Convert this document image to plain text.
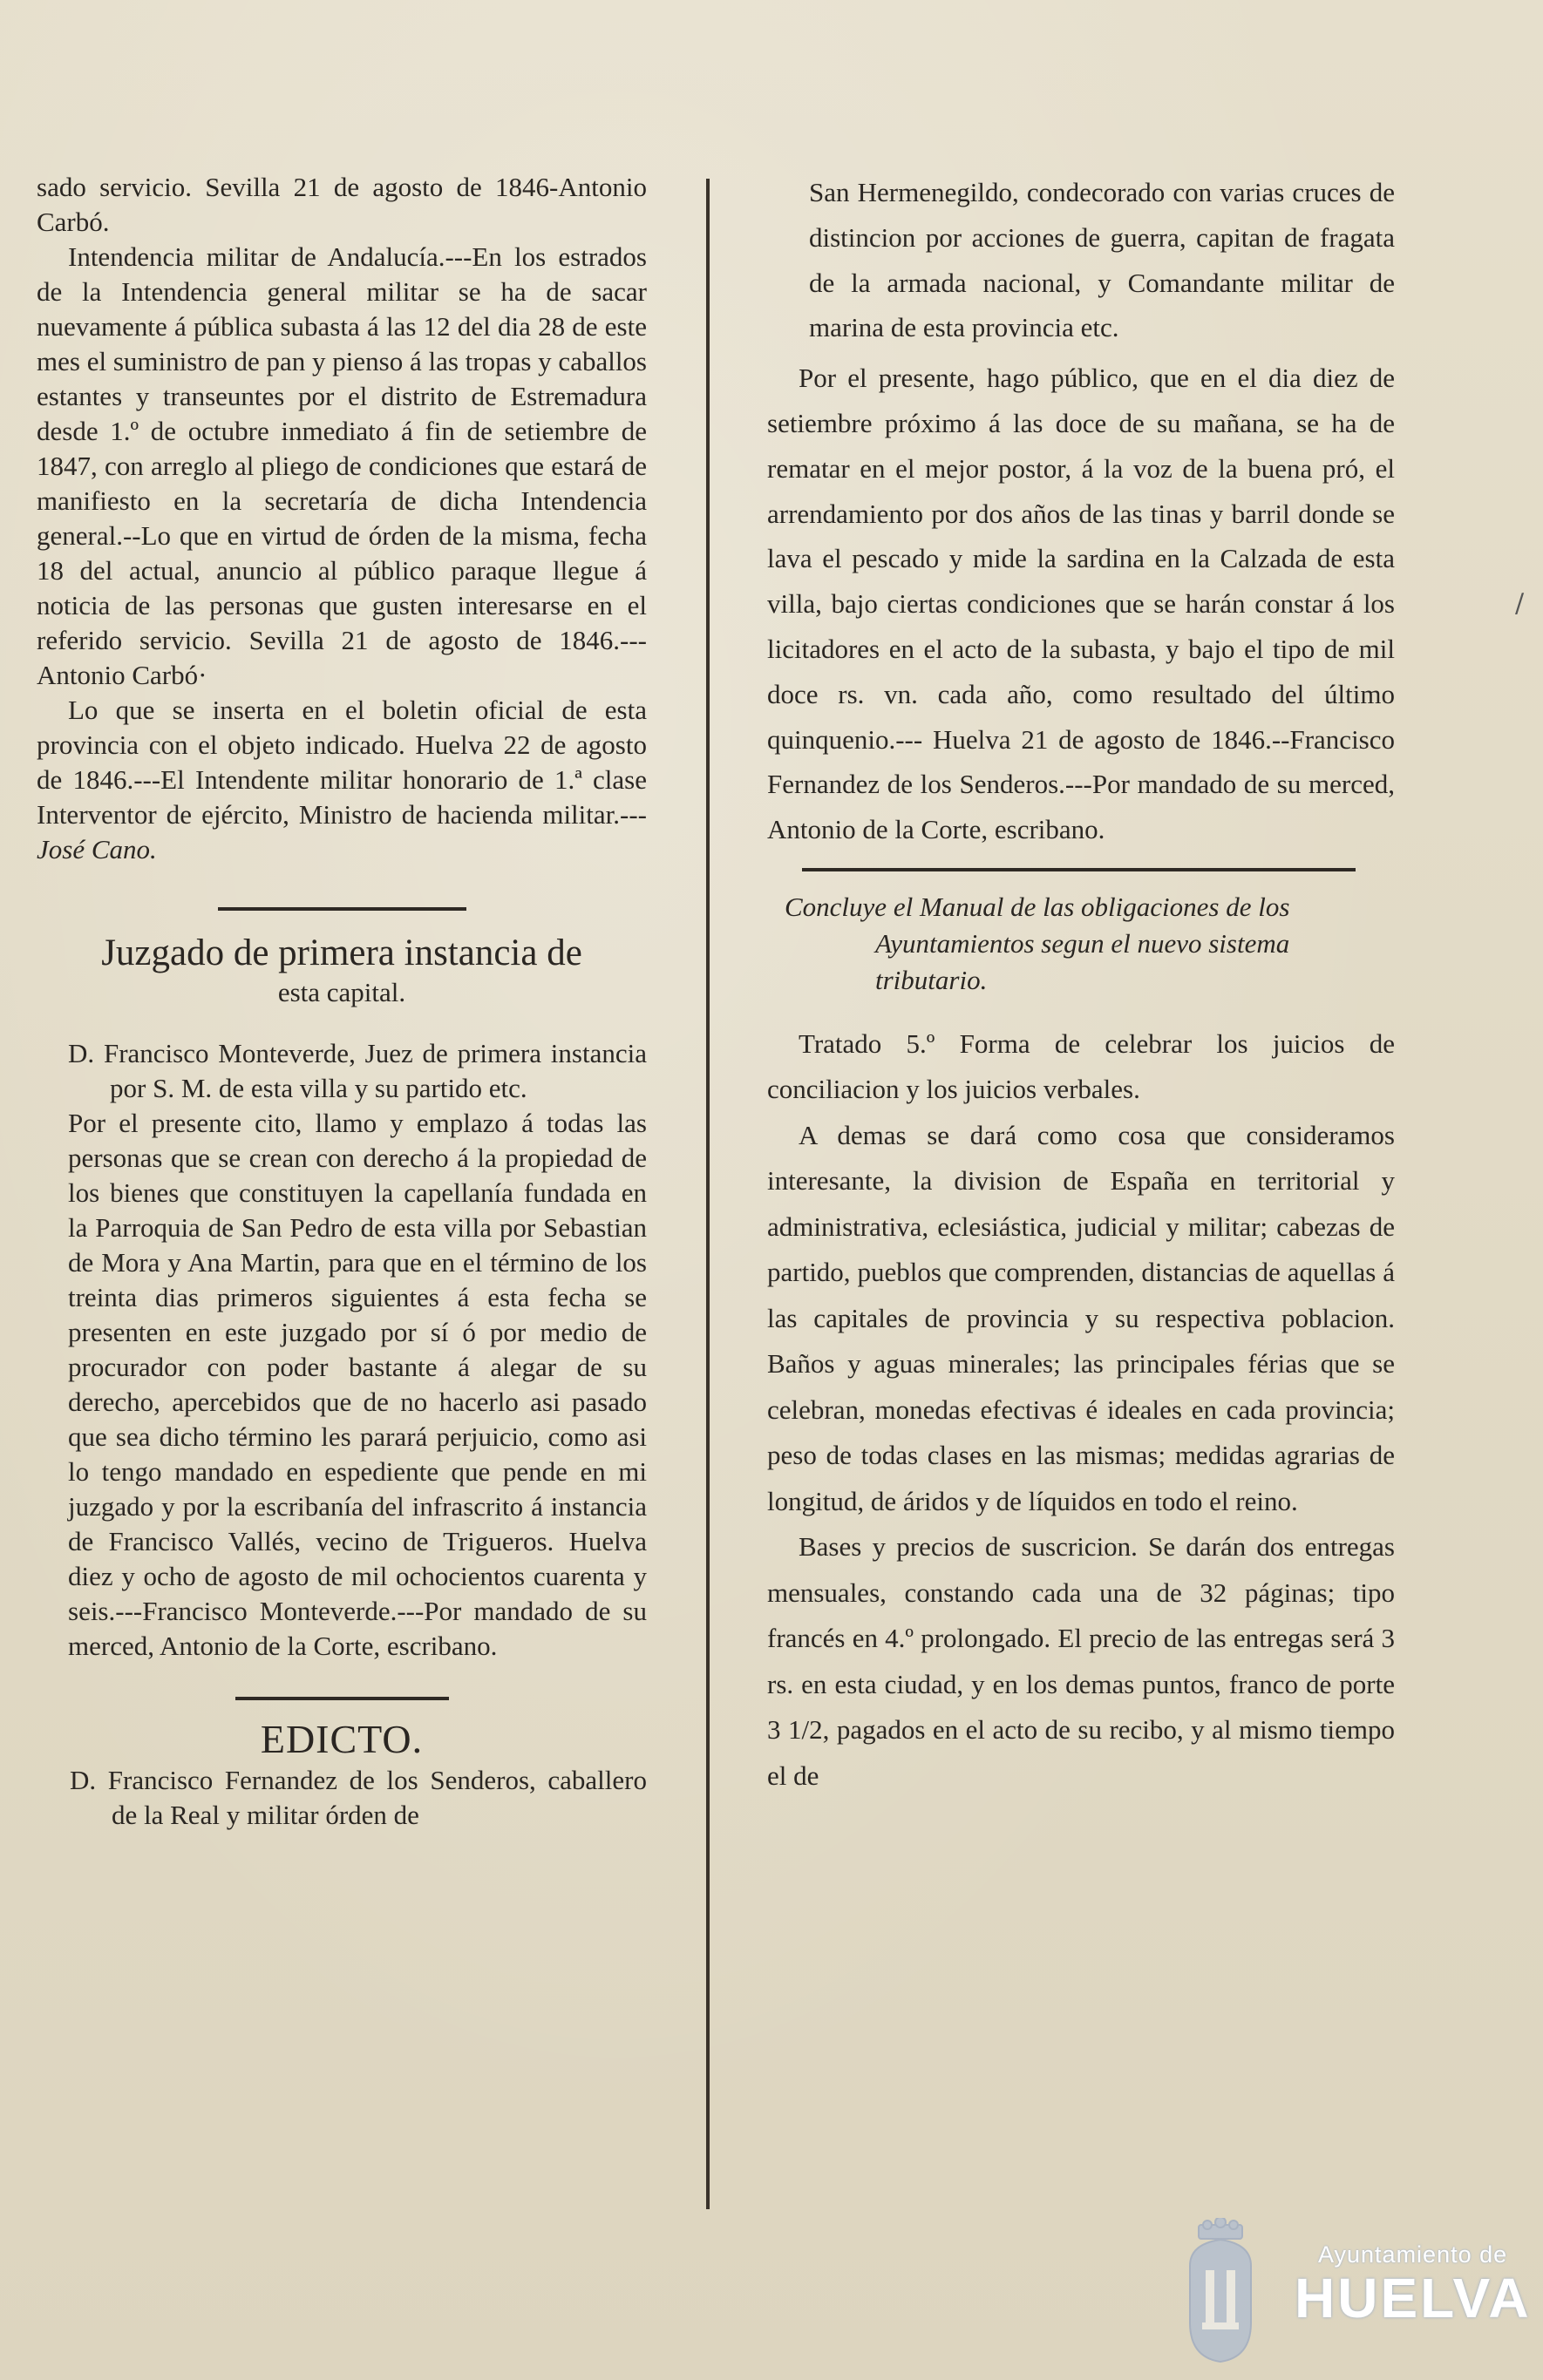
sado servicio. Sevilla 21 de agosto de 1846-Antonio Carbó.

Intendencia militar de Andalucía.---En los estrados de la Intendencia general militar se ha de sacar nuevamente á pública subasta á las 12 del dia 28 de este mes el suministro de pan y pienso á las tropas y caballos estantes y transeuntes por el distrito de Estremadura desde 1.º de octubre inmediato á fin de setiembre de 1847, con arreglo al pliego de condiciones que estará de manifiesto en la secretaría de dicha Intendencia general.--Lo que en virtud de órden de la misma, fecha 18 del actual, anuncio al público paraque llegue á noticia de las personas que gusten interesarse en el referido servicio. Sevilla 21 de agosto de 1846.---Antonio Carbó·

Lo que se inserta en el boletin oficial de esta provincia con el objeto indicado. Huelva 22 de agosto de 1846.---El Intendente militar honorario de 1.ª clase Interventor de ejército, Ministro de hacienda militar.---José Cano.

Juzgado de primera instancia de

esta capital.

D. Francisco Monteverde, Juez de primera instancia por S. M. de esta villa y su partido etc.

Por el presente cito, llamo y emplazo á todas las personas que se crean con derecho á la propiedad de los bienes que constituyen la capellanía fundada en la Parroquia de San Pedro de esta villa por Sebastian de Mora y Ana Martin, para que en el término de los treinta dias primeros siguientes á esta fecha se presenten en este juzgado por sí ó por medio de procurador con poder bastante á alegar de su derecho, apercebidos que de no hacerlo asi pasado que sea dicho término les parará perjuicio, como asi lo tengo mandado en espediente que pende en mi juzgado y por la escribanía del infrascrito á instancia de Francisco Vallés, vecino de Trigueros. Huelva diez y ocho de agosto de mil ochocientos cuarenta y seis.---Francisco Monteverde.---Por mandado de su merced, Antonio de la Corte, escribano.

EDICTO.

D. Francisco Fernandez de los Senderos, caballero de la Real y militar órden de

San Hermenegildo, condecorado con varias cruces de distincion por acciones de guerra, capitan de fragata de la armada nacional, y Comandante militar de marina de esta provincia etc.

Por el presente, hago público, que en el dia diez de setiembre próximo á las doce de su mañana, se ha de rematar en el mejor postor, á la voz de la buena pró, el arrendamiento por dos años de las tinas y barril donde se lava el pescado y mide la sardina en la Calzada de esta villa, bajo ciertas condiciones que se harán constar á los licitadores en el acto de la subasta, y bajo el tipo de mil doce rs. vn. cada año, como resultado del último quinquenio.--- Huelva 21 de agosto de 1846.--Francisco Fernandez de los Senderos.---Por mandado de su merced, Antonio de la Corte, escribano.

Concluye el Manual de las obligaciones de los Ayuntamientos segun el nuevo sistema tributario.

Tratado 5.º Forma de celebrar los juicios de conciliacion y los juicios verbales.

A demas se dará como cosa que consideramos interesante, la division de España en territorial y administrativa, eclesiástica, judicial y militar; cabezas de partido, pueblos que comprenden, distancias de aquellas á las capitales de provincia y su respectiva poblacion. Baños y aguas minerales; las principales férias que se celebran, monedas efectivas é ideales en cada provincia; peso de todas clases en las mismas; medidas agrarias de longitud, de áridos y de líquidos en todo el reino.

Bases y precios de suscricion. Se darán dos entregas mensuales, constando cada una de 32 páginas; tipo francés en 4.º prolongado. El precio de las entregas será 3 rs. en esta ciudad, y en los demas puntos, franco de porte 3 1/2, pagados en el acto de su recibo, y al mismo tiempo el de

/
Ayuntamiento de
HUELVA
